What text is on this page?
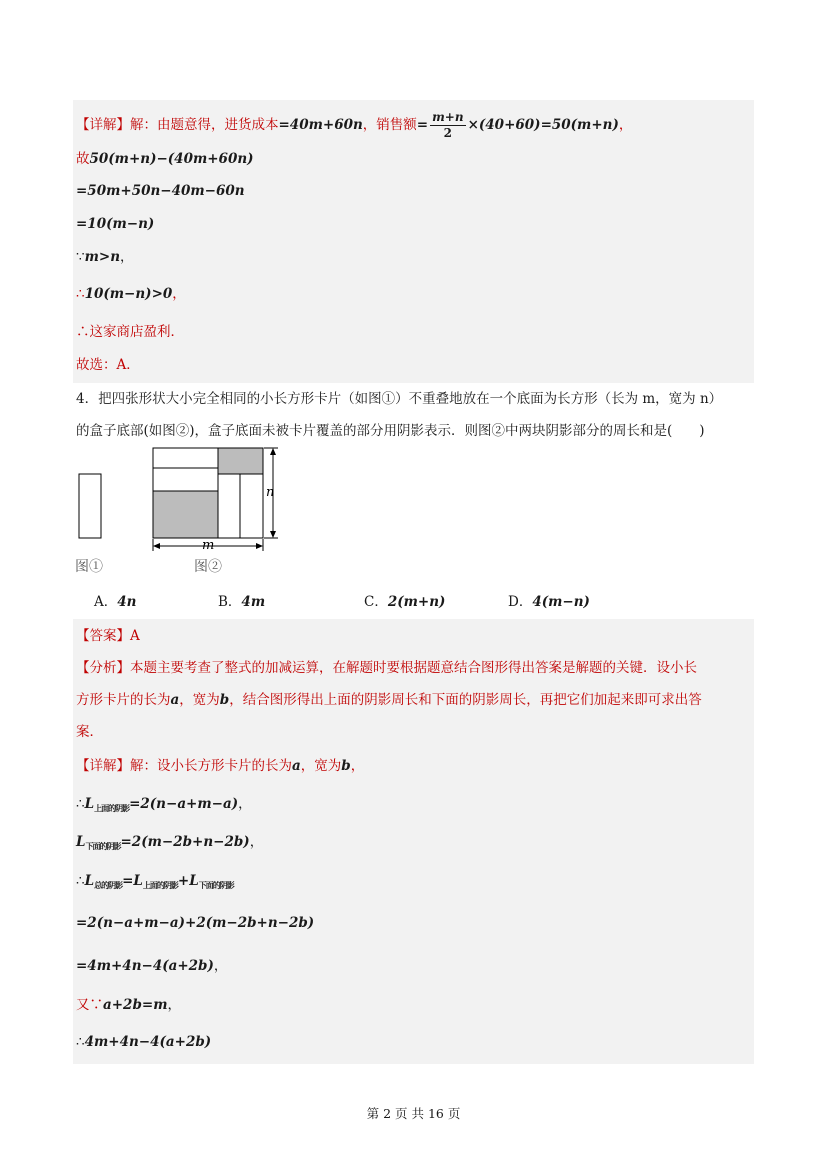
【详解】解：由题意得，进货成本=40m+60n，销售额= $\frac{m+n}{2} \times(40+60)=50(m+n)$，
故50(m+n)−(40m+60n)
=50m+50n−40m−60n
=10(m−n)
∵m>n，
∴10(m−n)>0，
∴这家商店盈利．
故选：A．
4．把四张形状大小完全相同的小长方形卡片（如图①）不重叠地放在一个底面为长方形（长为 m，宽为 n）
的盒子底部(如图②)，盒子底面未被卡片覆盖的部分用阴影表示．则图②中两块阴影部分的周长和是(　　)
n
m
图①	图②
A．4n	B．4m	C．2(m+n)	D．4(m−n)
【答案】A
【分析】本题主要考查了整式的加减运算，在解题时要根据题意结合图形得出答案是解题的关键．设小长
方形卡片的长为a，宽为b，结合图形得出上面的阴影周长和下面的阴影周长，再把它们加起来即可求出答
案．
【详解】解：设小长方形卡片的长为a，宽为b，
$\therefore L_{上面的阴影}=2(n-a+m-a)$，
$L_{下面的阴影}=2(m-2b+n-2b)$，
$\therefore L_{总的阴影}=L_{上面的阴影}+L_{下面的阴影}$
=2(n−a+m−a)+2(m−2b+n−2b)
=4m+4n−4(a+2b)，
又∵a+2b=m，
∴4m+4n−4(a+2b)
第 2 页 共 16 页
